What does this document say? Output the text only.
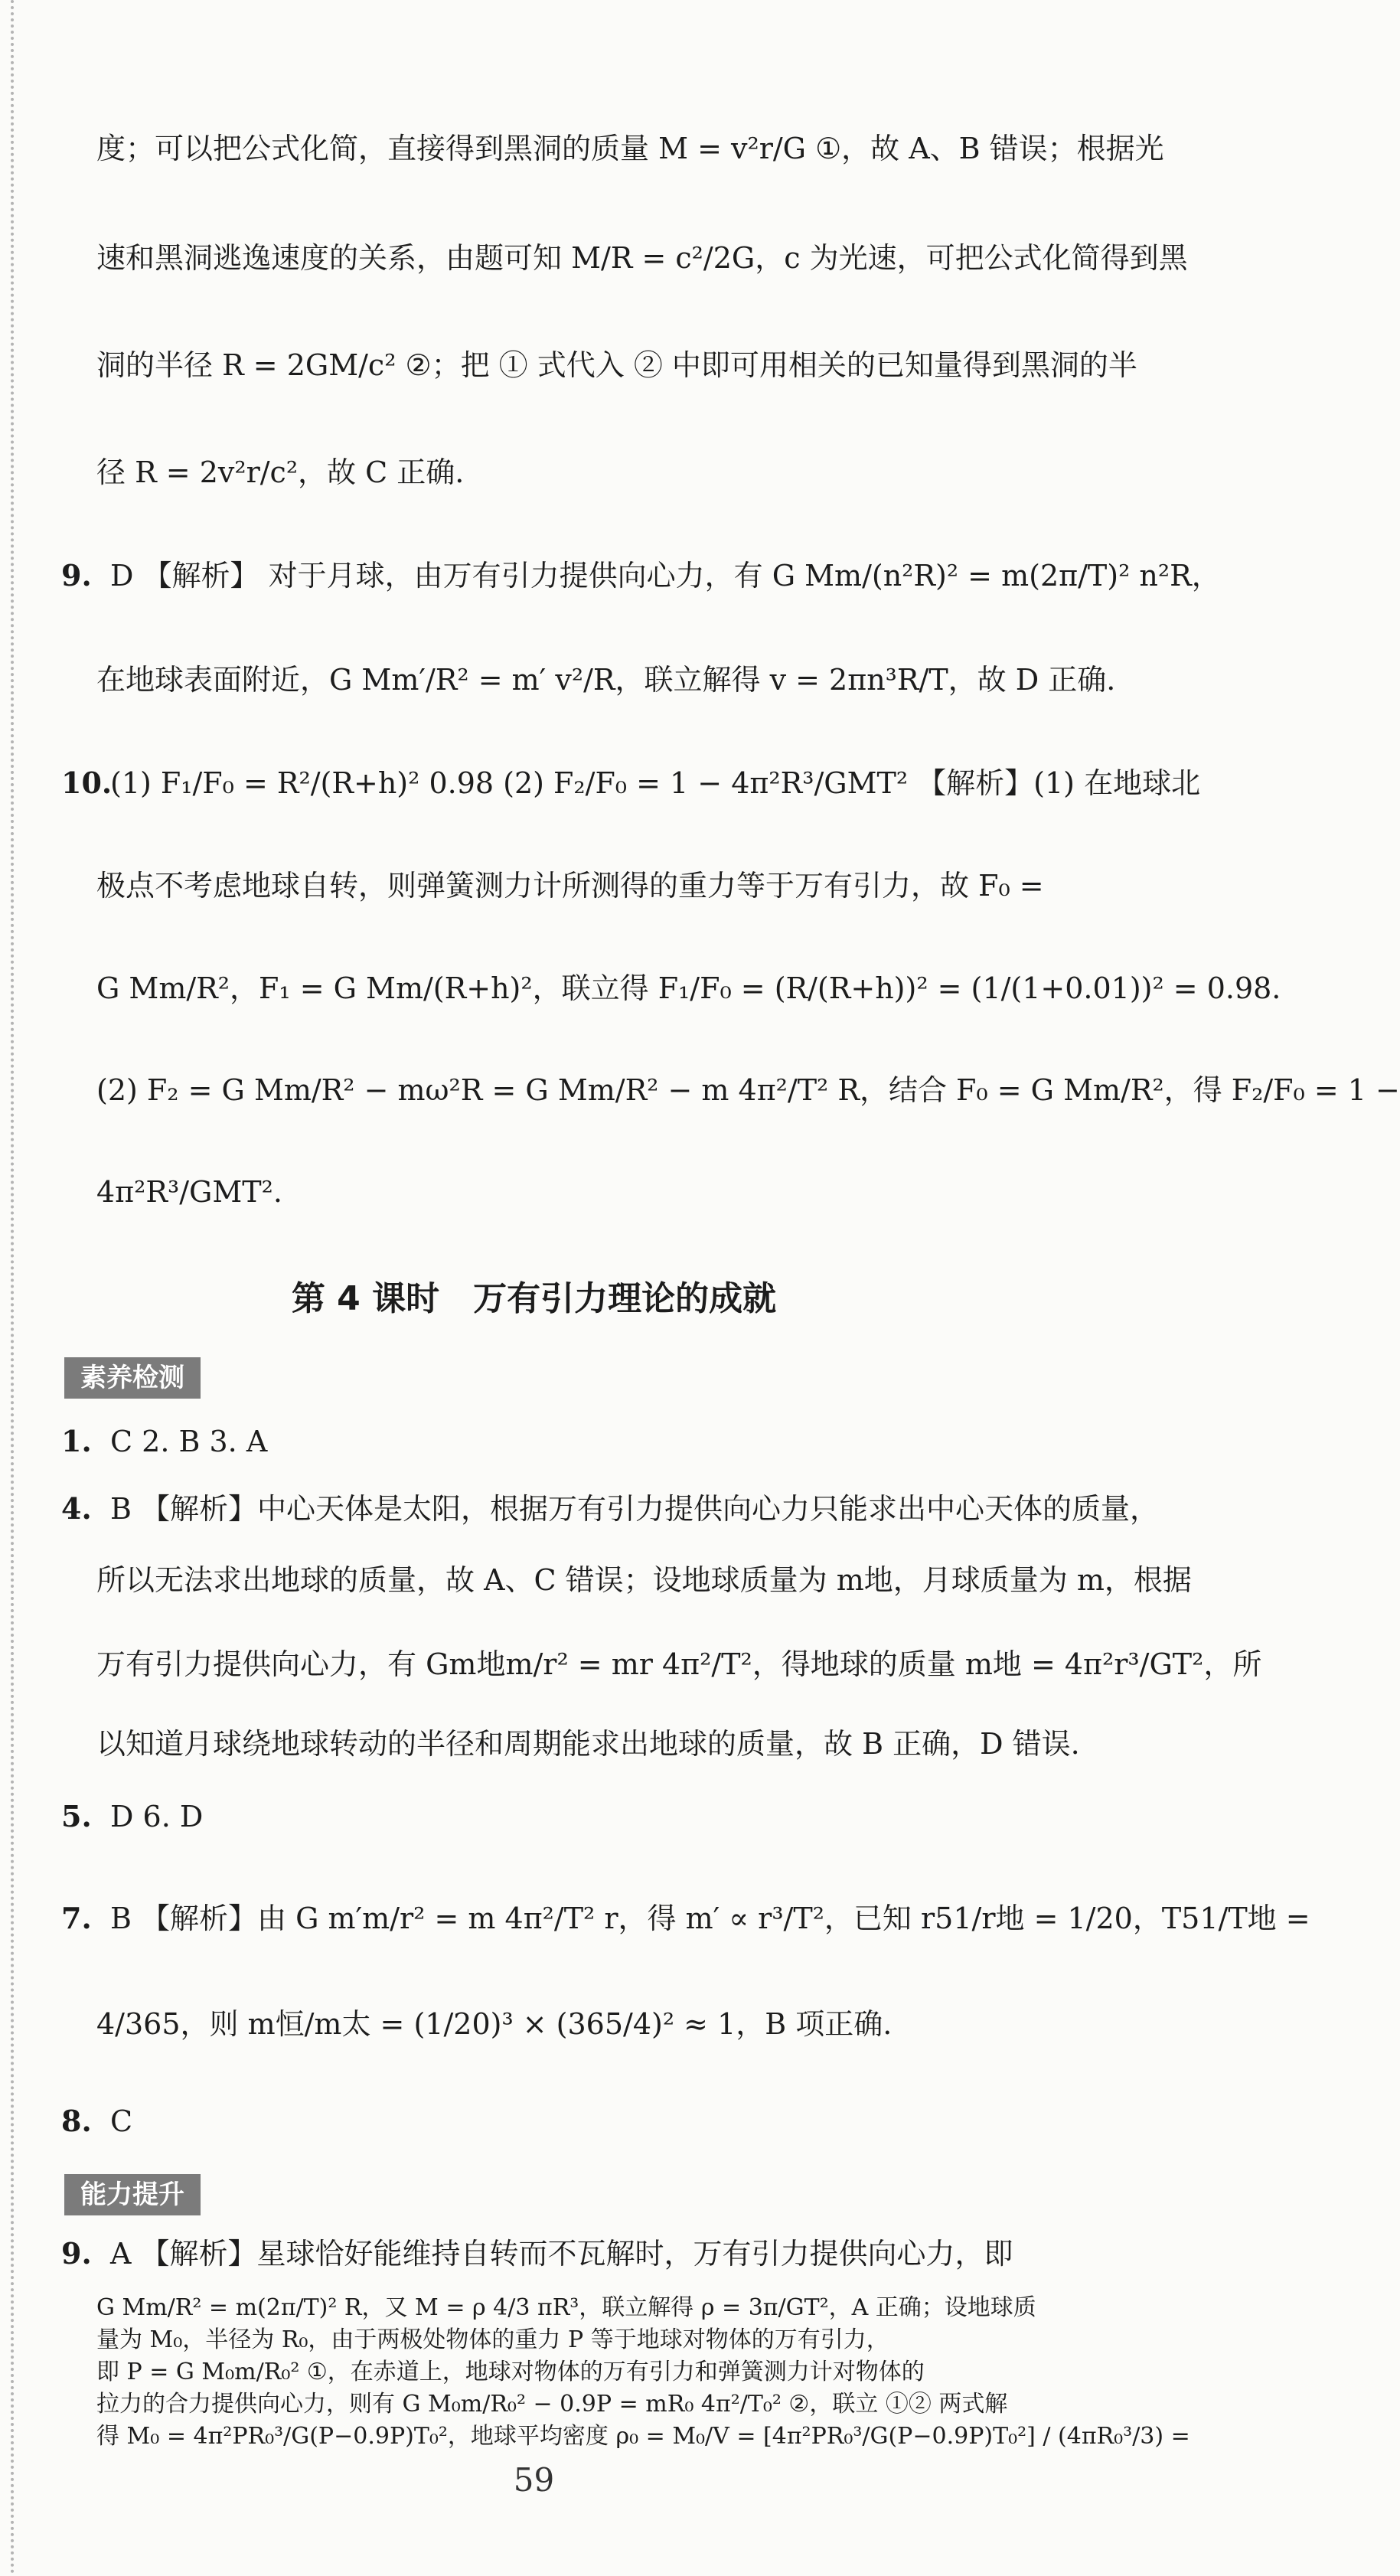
度；可以把公式化简，直接得到黑洞的质量 M = v²r/G ①，故 A、B 错误；根据光
速和黑洞逃逸速度的关系，由题可知 M/R = c²/2G，c 为光速，可把公式化简得到黑
洞的半径 R = 2GM/c² ②；把 ① 式代入 ② 中即可用相关的已知量得到黑洞的半
径 R = 2v²r/c²，故 C 正确.
9. D 【解析】 对于月球，由万有引力提供向心力，有 G Mm/(n²R)² = m(2π/T)² n²R，
在地球表面附近，G Mm′/R² = m′ v²/R，联立解得 v = 2πn³R/T，故 D 正确.
10.(1) F₁/F₀ = R²/(R+h)² 0.98 (2) F₂/F₀ = 1 − 4π²R³/GMT² 【解析】(1) 在地球北
极点不考虑地球自转，则弹簧测力计所测得的重力等于万有引力，故 F₀ =
G Mm/R²，F₁ = G Mm/(R+h)²，联立得 F₁/F₀ = (R/(R+h))² = (1/(1+0.01))² = 0.98.
(2) F₂ = G Mm/R² − mω²R = G Mm/R² − m 4π²/T² R，结合 F₀ = G Mm/R²，得 F₂/F₀ = 1 −
4π²R³/GMT².
第 4 课时　万有引力理论的成就
素养检测
1. C 2. B 3. A
4. B 【解析】中心天体是太阳，根据万有引力提供向心力只能求出中心天体的质量，
所以无法求出地球的质量，故 A、C 错误；设地球质量为 m地，月球质量为 m，根据
万有引力提供向心力，有 Gm地m/r² = mr 4π²/T²，得地球的质量 m地 = 4π²r³/GT²，所
以知道月球绕地球转动的半径和周期能求出地球的质量，故 B 正确，D 错误.
5. D 6. D
7. B 【解析】由 G m′m/r² = m 4π²/T² r，得 m′ ∝ r³/T²，已知 r51/r地 = 1/20，T51/T地 =
4/365，则 m恒/m太 = (1/20)³ × (365/4)² ≈ 1，B 项正确.
8. C
能力提升
9. A 【解析】星球恰好能维持自转而不瓦解时，万有引力提供向心力，即
G Mm/R² = m(2π/T)² R，又 M = ρ 4/3 πR³，联立解得 ρ = 3π/GT²，A 正确；设地球质
量为 M₀，半径为 R₀，由于两极处物体的重力 P 等于地球对物体的万有引力，
即 P = G M₀m/R₀² ①，在赤道上，地球对物体的万有引力和弹簧测力计对物体的
拉力的合力提供向心力，则有 G M₀m/R₀² − 0.9P = mR₀ 4π²/T₀² ②，联立 ①② 两式解
59
得 M₀ = 4π²PR₀³/G(P−0.9P)T₀²，地球平均密度 ρ₀ = M₀/V = [4π²PR₀³/G(P−0.9P)T₀²] / (4πR₀³/3) =
